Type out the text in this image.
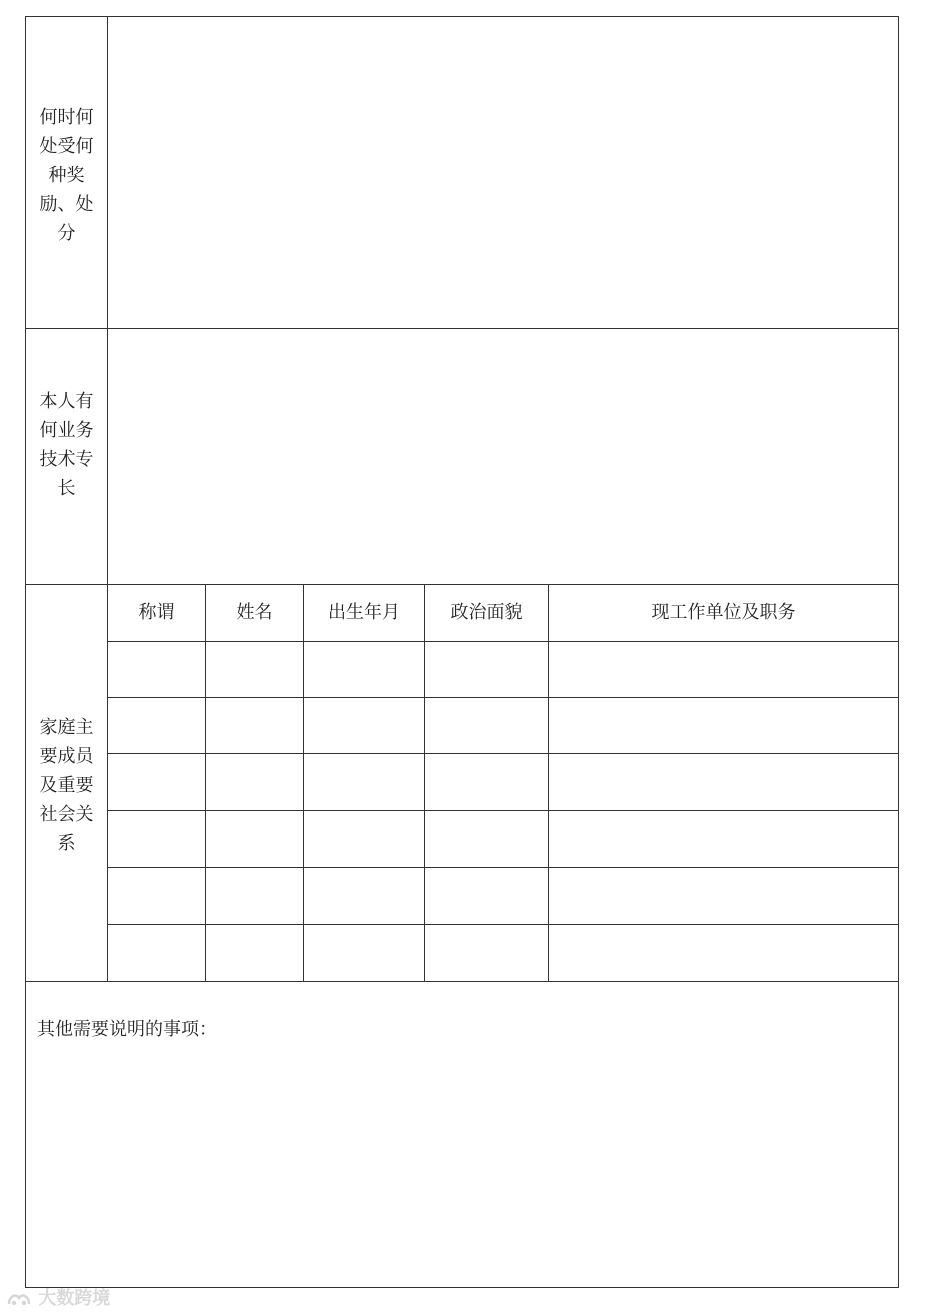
何时何
处受何
种奖
励、处
分
本人有
何业务
技术专
长
家庭主
要成员
及重要
社会关
系
称谓	姓名	出生年月	政治面貌	现工作单位及职务
其他需要说明的事项：
大数跨境
